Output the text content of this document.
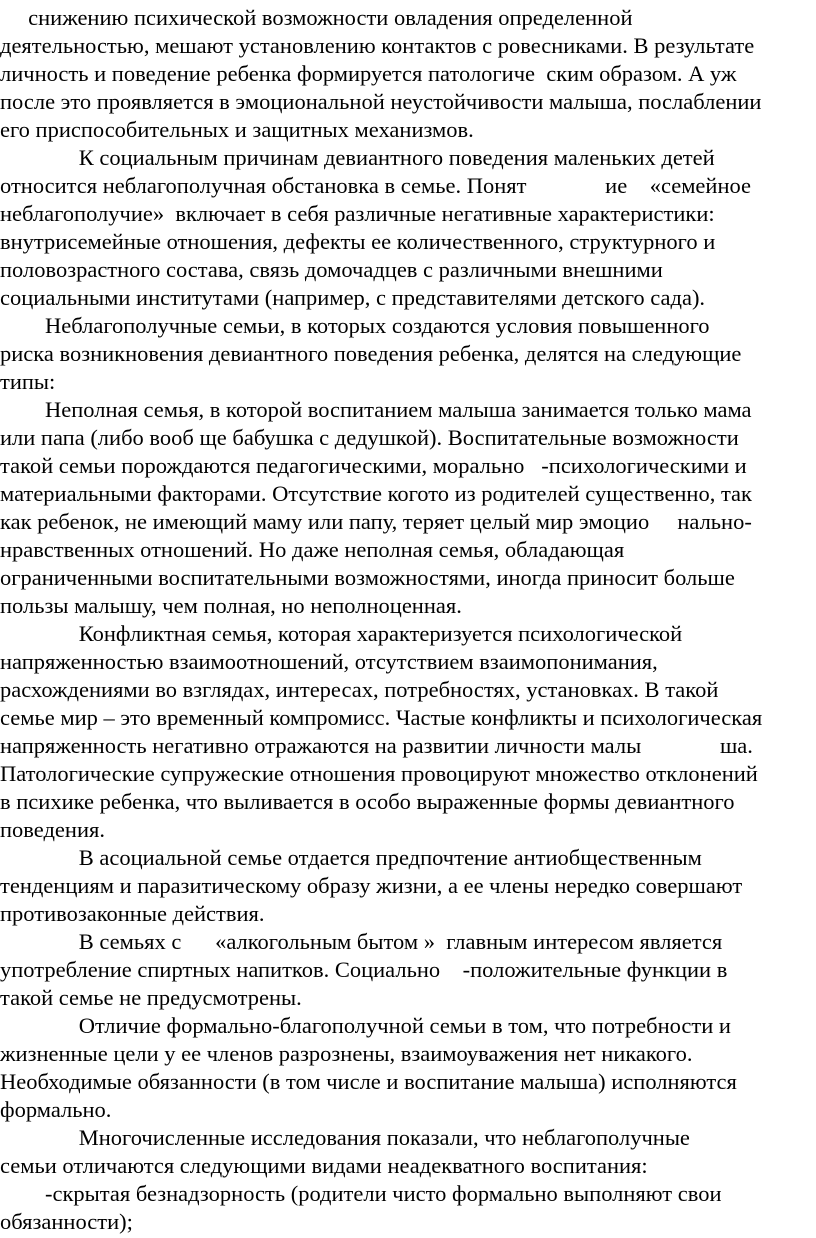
снижению психической возможности овладения определенной
деятельностью, мешают установлению контактов с ровесниками. В результате
личность и поведение ребенка формируется патологиче  ским образом. А уж
после это проявляется в эмоциональной неустойчивости малыша, послаблении
его приспособительных и защитных механизмов.
К социальным причинам девиантного поведения маленьких детей
относится неблагополучная обстановка в семье. Понят              ие    «семейное
неблагополучие»  включает в себя различные негативные характеристики:
внутрисемейные отношения, дефекты ее количественного, структурного и
половозрастного состава, связь домочадцев с различными внешними
социальными институтами (например, с представителями детского сада).
Неблагополучные семьи, в которых создаются условия повышенного
риска возникновения девиантного поведения ребенка, делятся на следующие
типы:
Неполная семья, в которой воспитанием малыша занимается только мама
или папа (либо вооб ще бабушка с дедушкой). Воспитательные возможности
такой семьи порождаются педагогическими, морально   -психологическими и
материальными факторами. Отсутствие когото из родителей существенно, так
как ребенок, не имеющий маму или папу, теряет целый мир эмоцио     нально-
нравственных отношений. Но даже неполная семья, обладающая
ограниченными воспитательными возможностями, иногда приносит больше
пользы малышу, чем полная, но неполноценная.
Конфликтная семья, которая характеризуется психологической
напряженностью взаимоотношений, отсутствием взаимопонимания,
расхождениями во взглядах, интересах, потребностях, установках. В такой
семье мир – это временный компромисс. Частые конфликты и психологическая
напряженность негативно отражаются на развитии личности малы              ша.
Патологические супружеские отношения провоцируют множество отклонений
в психике ребенка, что выливается в особо выраженные формы девиантного
поведения.
В асоциальной семье отдается предпочтение антиобщественным
тенденциям и паразитическому образу жизни, а ее члены нередко совершают
противозаконные действия.
В семьях с      «алкогольным бытом »  главным интересом является
употребление спиртных напитков. Социально    -положительные функции в
такой семье не предусмотрены.
Отличие формально-благополучной семьи в том, что потребности и
жизненные цели у ее членов разрознены, взаимоуважения нет никакого.
Необходимые обязанности (в том числе и воспитание малыша) исполняются
формально.
Многочисленные исследования показали, что неблагополучные
семьи отличаются следующими видами неадекватного воспитания:
-скрытая безнадзорность (родители чисто формально выполняют свои
обязанности);
